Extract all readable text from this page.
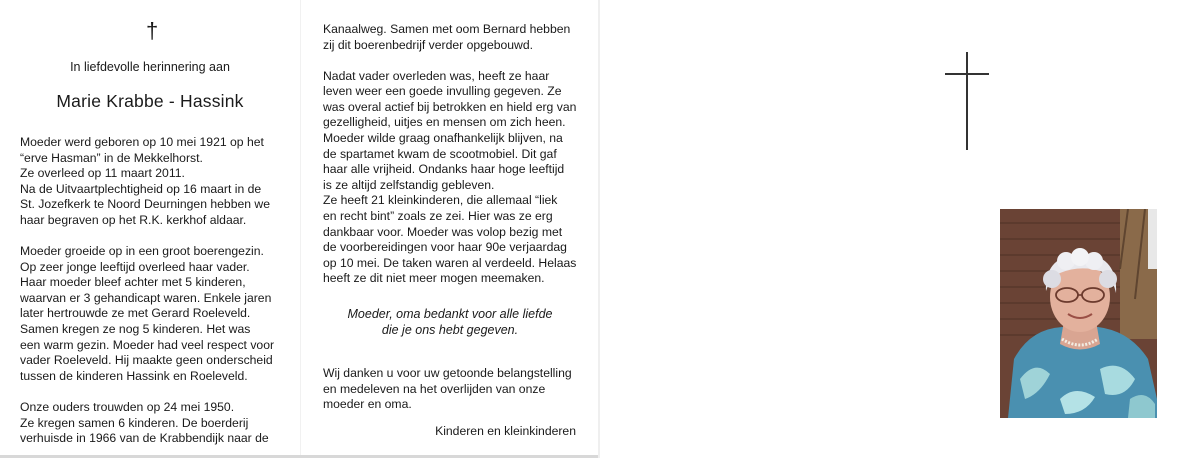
†
In liefdevolle herinnering aan
Marie Krabbe - Hassink

Moeder werd geboren op 10 mei 1921 op het
“erve Hasman” in de Mekkelhorst.
Ze overleed op 11 maart 2011.
Na de Uitvaartplechtigheid op 16 maart in de
St. Jozefkerk te Noord Deurningen hebben we
haar begraven op het R.K. kerkhof aldaar.

Moeder groeide op in een groot boerengezin.
Op zeer jonge leeftijd overleed haar vader.
Haar moeder bleef achter met 5 kinderen,
waarvan er 3 gehandicapt waren. Enkele jaren
later hertrouwde ze met Gerard Roeleveld.
Samen kregen ze nog 5 kinderen. Het was
een warm gezin. Moeder had veel respect voor
vader Roeleveld. Hij maakte geen onderscheid
tussen de kinderen Hassink en Roeleveld.

Onze ouders trouwden op 24 mei 1950.
Ze kregen samen 6 kinderen. De boerderij
verhuisde in 1966 van de Krabbendijk naar de

Kanaalweg. Samen met oom Bernard hebben
zij dit boerenbedrijf verder opgebouwd.

Nadat vader overleden was, heeft ze haar
leven weer een goede invulling gegeven. Ze
was overal actief bij betrokken en hield erg van
gezelligheid, uitjes en mensen om zich heen.
Moeder wilde graag onafhankelijk blijven, na
de spartamet kwam de scootmobiel. Dit gaf
haar alle vrijheid. Ondanks haar hoge leeftijd
is ze altijd zelfstandig gebleven.
Ze heeft 21 kleinkinderen, die allemaal “liek
en recht bint” zoals ze zei. Hier was ze erg
dankbaar voor. Moeder was volop bezig met
de voorbereidingen voor haar 90e verjaardag
op 10 mei. De taken waren al verdeeld. Helaas
heeft ze dit niet meer mogen meemaken.

Moeder, oma bedankt voor alle liefde
die je ons hebt gegeven.
Wij danken u voor uw getoonde belangstelling
en medeleven na het overlijden van onze
moeder en oma.
Kinderen en kleinkinderen
